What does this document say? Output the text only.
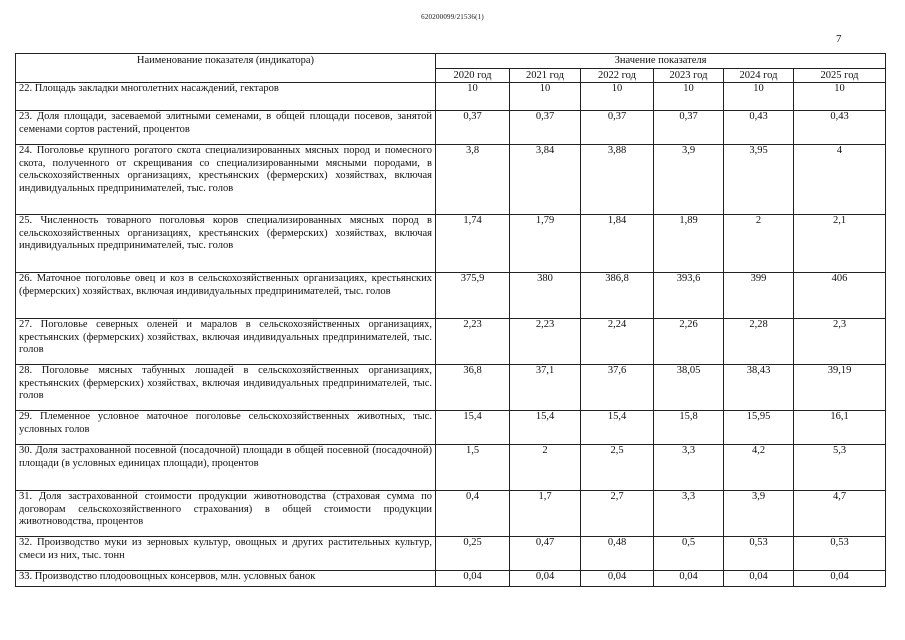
620200099/21536(1)
7
Наименование показателя (индикатора)	Значение показателя					
	2020 год	2021 год	2022 год	2023 год	2024 год	2025 год
22. Площадь закладки многолетних насаждений, гектаров	10	10	10	10	10	10
23. Доля площади, засеваемой элитными семенами, в общей площади посевов, занятой семенами сортов растений, процентов	0,37	0,37	0,37	0,37	0,43	0,43
24. Поголовье крупного рогатого скота специализированных мясных пород и помесного скота, полученного от скрещивания со специализированными мясными породами, в сельскохозяйственных организациях, крестьянских (фермерских) хозяйствах, включая индивидуальных предпринимателей, тыс. голов	3,8	3,84	3,88	3,9	3,95	4
25. Численность товарного поголовья коров специализированных мясных пород в сельскохозяйственных организациях, крестьянских (фермерских) хозяйствах, включая индивидуальных предпринимателей, тыс. голов	1,74	1,79	1,84	1,89	2	2,1
26. Маточное поголовье овец и коз в сельскохозяйственных организациях, крестьянских (фермерских) хозяйствах, включая индивидуальных предпринимателей, тыс. голов	375,9	380	386,8	393,6	399	406
27. Поголовье северных оленей и маралов в сельскохозяйственных организациях, крестьянских (фермерских) хозяйствах, включая индивидуальных предпринимателей, тыс. голов	2,23	2,23	2,24	2,26	2,28	2,3
28. Поголовье мясных табунных лошадей в сельскохозяйственных организациях, крестьянских (фермерских) хозяйствах, включая индивидуальных предпринимателей, тыс. голов	36,8	37,1	37,6	38,05	38,43	39,19
29. Племенное условное маточное поголовье сельскохозяйственных животных, тыс. условных голов	15,4	15,4	15,4	15,8	15,95	16,1
30. Доля застрахованной посевной (посадочной) площади в общей посевной (посадочной) площади (в условных единицах площади), процентов	1,5	2	2,5	3,3	4,2	5,3
31. Доля застрахованной стоимости продукции животноводства (страховая сумма по договорам сельскохозяйственного страхования) в общей стоимости продукции животноводства, процентов	0,4	1,7	2,7	3,3	3,9	4,7
32. Производство муки из зерновых культур, овощных и других растительных культур, смеси из них, тыс. тонн	0,25	0,47	0,48	0,5	0,53	0,53
33. Производство плодоовощных консервов, млн. условных банок	0,04	0,04	0,04	0,04	0,04	0,04
